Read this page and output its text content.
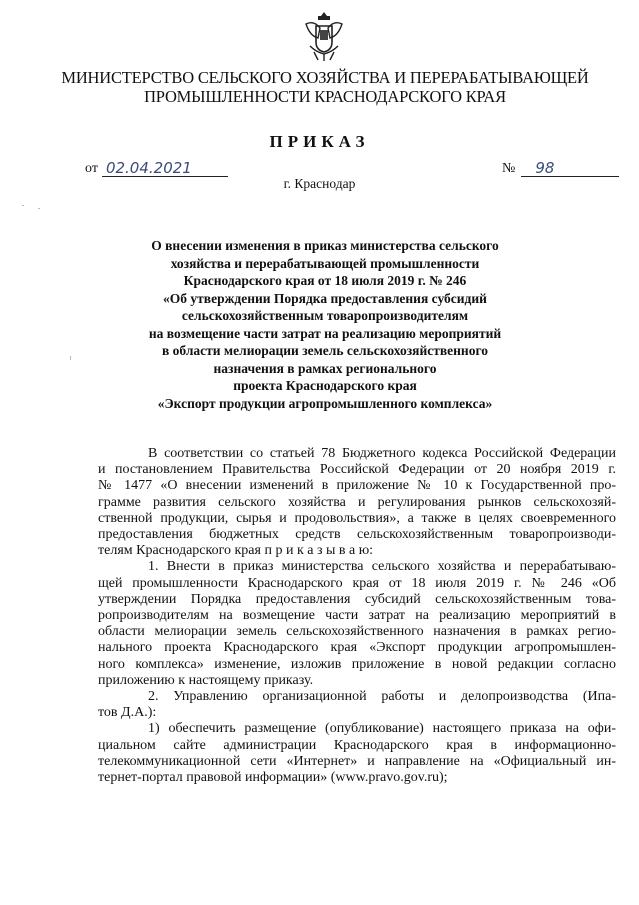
МИНИСТЕРСТВО СЕЛЬСКОГО ХОЗЯЙСТВА И ПЕРЕРАБАТЫВАЮЩЕЙ
ПРОМЫШЛЕННОСТИ КРАСНОДАРСКОГО КРАЯ
ПРИКАЗ
от 02.04.2021	№	98
г. Краснодар
О внесении изменения в приказ министерства сельского
хозяйства и перерабатывающей промышленности
Краснодарского края от 18 июля 2019 г. № 246
«Об утверждении Порядка предоставления субсидий
сельскохозяйственным товаропроизводителям
на возмещение части затрат на реализацию мероприятий
в области мелиорации земель сельскохозяйственного
назначения в рамках регионального
проекта Краснодарского края
«Экспорт продукции агропромышленного комплекса»
В соответствии со статьей 78 Бюджетного кодекса Российской Федерации
и постановлением Правительства Российской Федерации от 20 ноября 2019 г.
№ 1477 «О внесении изменений в приложение № 10 к Государственной про-
грамме развития сельского хозяйства и регулирования рынков сельскохозяй-
ственной продукции, сырья и продовольствия», а также в целях своевременного
предоставления бюджетных средств сельскохозяйственным товаропроизводи-
телям Краснодарского края п р и к а з ы в а ю:
1. Внести в приказ министерства сельского хозяйства и перерабатываю-
щей промышленности Краснодарского края от 18 июля 2019 г. № 246 «Об
утверждении Порядка предоставления субсидий сельскохозяйственным това-
ропроизводителям на возмещение части затрат на реализацию мероприятий в
области мелиорации земель сельскохозяйственного назначения в рамках регио-
нального проекта Краснодарского края «Экспорт продукции агропромышлен-
ного комплекса» изменение, изложив приложение в новой редакции согласно
приложению к настоящему приказу.
2. Управлению организационной работы и делопроизводства (Ипа-
тов Д.А.):
1) обеспечить размещение (опубликование) настоящего приказа на офи-
циальном сайте администрации Краснодарского края в информационно-
телекоммуникационной сети «Интернет» и направление на «Официальный ин-
тернет-портал правовой информации» (www.pravo.gov.ru);
